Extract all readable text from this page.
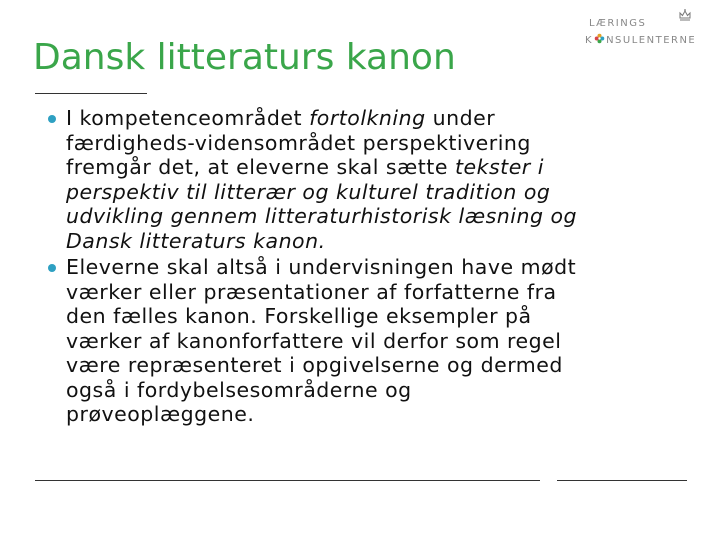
Dansk litteraturs kanon
LÆRINGS
K NSULENTERNE
I kompetenceområdet fortolkning under
færdigheds-vidensområdet perspektivering
fremgår det, at eleverne skal sætte tekster i
perspektiv til litterær og kulturel tradition og
udvikling gennem litteraturhistorisk læsning og
Dansk litteraturs kanon.
Eleverne skal altså i undervisningen have mødt
værker eller præsentationer af forfatterne fra
den fælles kanon. Forskellige eksempler på
værker af kanonforfattere vil derfor som regel
være repræsenteret i opgivelserne og dermed
også i fordybelsesområderne og
prøveoplæggene.
